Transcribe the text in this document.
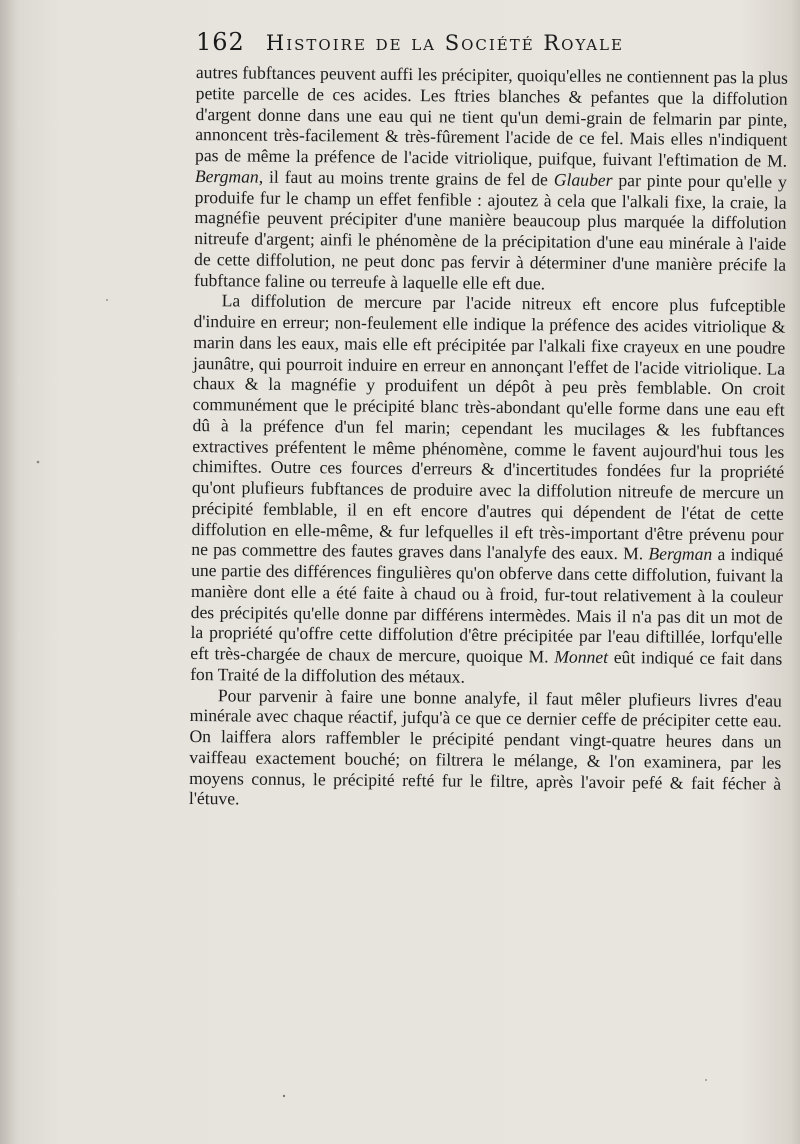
162 Histoire de la Société Royale

autres fubftances peuvent auffi les précipiter, quoiqu'elles ne contiennent pas la plus petite parcelle de ces acides. Les ftries blanches & pefantes que la diffolution d'argent donne dans une eau qui ne tient qu'un demi-grain de felmarin par pinte, annoncent très-facilement & très-fûrement l'acide de ce fel. Mais elles n'indiquent pas de même la préfence de l'acide vitriolique, puifque, fuivant l'eftimation de M. Bergman, il faut au moins trente grains de fel de Glauber par pinte pour qu'elle y produife fur le champ un effet fenfible : ajoutez à cela que l'alkali fixe, la craie, la magnéfie peuvent précipiter d'une manière beaucoup plus marquée la diffolution nitreufe d'argent; ainfi le phénomène de la précipitation d'une eau minérale à l'aide de cette diffolution, ne peut donc pas fervir à déterminer d'une manière précife la fubftance faline ou terreufe à laquelle elle eft due.

La diffolution de mercure par l'acide nitreux eft encore plus fufceptible d'induire en erreur; non-feulement elle indique la préfence des acides vitriolique & marin dans les eaux, mais elle eft précipitée par l'alkali fixe crayeux en une poudre jaunâtre, qui pourroit induire en erreur en annonçant l'effet de l'acide vitriolique. La chaux & la magnéfie y produifent un dépôt à peu près femblable. On croit communément que le précipité blanc très-abondant qu'elle forme dans une eau eft dû à la préfence d'un fel marin; cependant les mucilages & les fubftances extractives préfentent le même phénomène, comme le favent aujourd'hui tous les chimiftes. Outre ces fources d'erreurs & d'incertitudes fondées fur la propriété qu'ont plufieurs fubftances de produire avec la diffolution nitreufe de mercure un précipité femblable, il en eft encore d'autres qui dépendent de l'état de cette diffolution en elle-même, & fur lefquelles il eft très-important d'être prévenu pour ne pas commettre des fautes graves dans l'analyfe des eaux. M. Bergman a indiqué une partie des différences fingulières qu'on obferve dans cette diffolution, fuivant la manière dont elle a été faite à chaud ou à froid, fur-tout relativement à la couleur des précipités qu'elle donne par différens intermèdes. Mais il n'a pas dit un mot de la propriété qu'offre cette diffolution d'être précipitée par l'eau diftillée, lorfqu'elle eft très-chargée de chaux de mercure, quoique M. Monnet eût indiqué ce fait dans fon Traité de la diffolution des métaux.

Pour parvenir à faire une bonne analyfe, il faut mêler plufieurs livres d'eau minérale avec chaque réactif, jufqu'à ce que ce dernier ceffe de précipiter cette eau. On laiffera alors raffembler le précipité pendant vingt-quatre heures dans un vaiffeau exactement bouché; on filtrera le mélange, & l'on examinera, par les moyens connus, le précipité refté fur le filtre, après l'avoir pefé & fait fécher à l'étuve.
